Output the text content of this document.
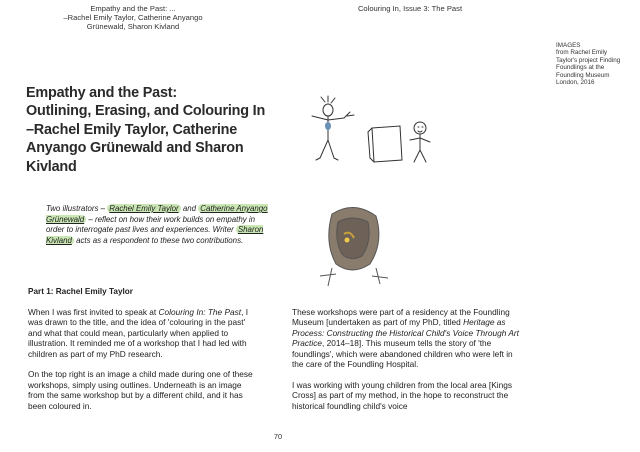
Empathy and the Past: ...
–Rachel Emily Taylor, Catherine Anyango
Grünewald, Sharon Kivland
Colouring In, Issue 3: The Past
IMAGES
from Rachel Emily Taylor's project Finding Foundlings at the Foundling Museum London, 2016
Empathy and the Past:
Outlining, Erasing, and Colouring In
–Rachel Emily Taylor, Catherine
Anyango Grünewald and Sharon
Kivland
Two illustrators – Rachel Emily Taylor and Catherine Anyango Grünewald – reflect on how their work builds on empathy in order to interrogate past lives and experiences. Writer Sharon Kivland acts as a respondent to these two contributions.
Part 1: Rachel Emily Taylor

When I was first invited to speak at Colouring In: The Past, I was drawn to the title, and the idea of 'colouring in the past' and what that could mean, particularly when applied to illustration. It reminded me of a workshop that I had led with children as part of my PhD research.

On the top right is an image a child made during one of these workshops, simply using outlines. Underneath is an image from the same workshop but by a different child, and it has been coloured in.

These workshops were part of a residency at the Foundling Museum [undertaken as part of my PhD, titled Heritage as Process: Constructing the Historical Child's Voice Through Art Practice, 2014–18]. This museum tells the story of 'the foundlings', which were abandoned children who were left in the care of the Foundling Hospital.

I was working with young children from the local area [Kings Cross] as part of my method, in the hope to reconstruct the historical foundling child's voice

70
